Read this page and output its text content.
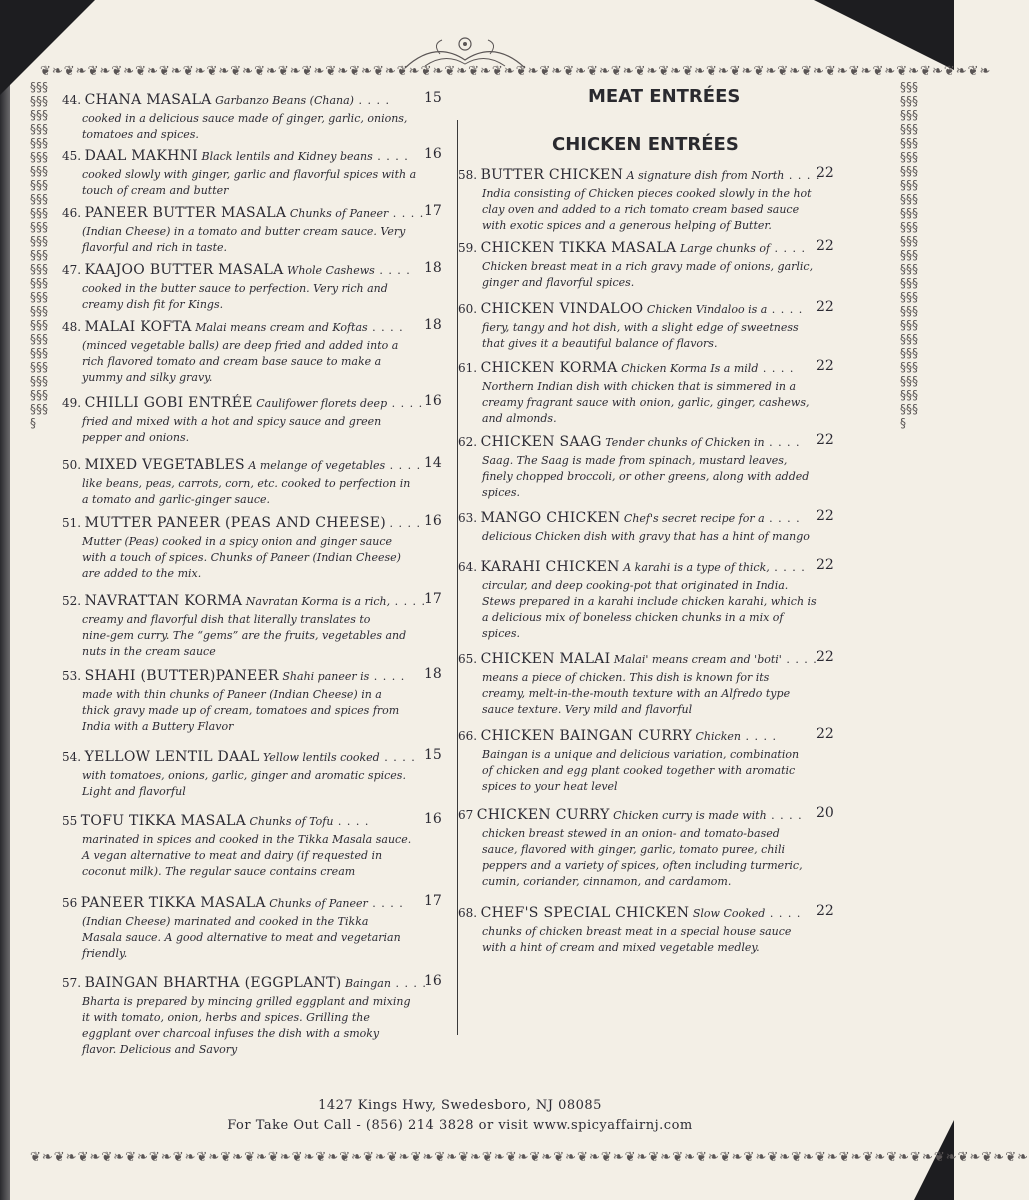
❦❧❦❧❦❧❦❧❦❧❦❧❦❧❦❧❦❧❦❧❦❧❦❧❦❧❦❧❦❧❦❧❦❧❦❧❦❧❦❧❦❧❦❧❦❧❦❧❦❧❦❧❦❧❦❧❦❧❦❧❦❧❦❧❦❧❦❧❦❧❦❧❦❧❦❧❦❧❦❧
❦❧❦❧❦❧❦❧❦❧❦❧❦❧❦❧❦❧❦❧❦❧❦❧❦❧❦❧❦❧❦❧❦❧❦❧❦❧❦❧❦❧❦❧❦❧❦❧❦❧❦❧❦❧❦❧❦❧❦❧❦❧❦❧❦❧❦❧❦❧❦❧❦❧❦❧❦❧❦❧❦❧❦❧
§§§§§§§§§§§§§§§§§§§§§§§§§§§§§§§§§§§§§§§§§§§§§§§§§§§§§§§§§§§§§§§§§§§§§§§§§
§§§§§§§§§§§§§§§§§§§§§§§§§§§§§§§§§§§§§§§§§§§§§§§§§§§§§§§§§§§§§§§§§§§§§§§§§
MEAT ENTRÉES
CHICKEN ENTRÉES
44. CHANA MASALA Garbanzo Beans (Chana) . . . . 15
cooked in a delicious sauce made of ginger, garlic, onions,
tomatoes and spices.
45. DAAL MAKHNI Black lentils and Kidney beans . . . . 16
cooked slowly with ginger, garlic and flavorful spices with a
touch of cream and butter
46. PANEER BUTTER MASALA Chunks of Paneer . . . . 17
(Indian Cheese) in a tomato and butter cream sauce. Very
flavorful and rich in taste.
47. KAAJOO BUTTER MASALA Whole Cashews . . . . 18
cooked in the butter sauce to perfection. Very rich and
creamy dish fit for Kings.
48. MALAI KOFTA Malai means cream and Koftas . . . . 18
(minced vegetable balls) are deep fried and added into a
rich flavored tomato and cream base sauce to make a
yummy and silky gravy.
49. CHILLI GOBI ENTRÉE Caulifower florets deep . . . . 16
fried and mixed with a hot and spicy sauce and green
pepper and onions.
50. MIXED VEGETABLES A melange of vegetables . . . . 14
like beans, peas, carrots, corn, etc. cooked to perfection in
a tomato and garlic-ginger sauce.
51. MUTTER PANEER (PEAS AND CHEESE) . . . . 16
Mutter (Peas) cooked in a spicy onion and ginger sauce
with a touch of spices. Chunks of Paneer (Indian Cheese)
are added to the mix.
52. NAVRATTAN KORMA Navratan Korma is a rich, . . . .
17
creamy and flavorful dish that literally translates to
nine-gem curry. The “gems” are the fruits, vegetables and
nuts in the cream sauce
53. SHAHI (BUTTER)PANEER Shahi paneer is . . . . 18
made with thin chunks of Paneer (Indian Cheese) in a
thick gravy made up of cream, tomatoes and spices from
India with a Buttery Flavor
54. YELLOW LENTIL DAAL Yellow lentils cooked . . . . 15
with tomatoes, onions, garlic, ginger and aromatic spices.
Light and flavorful
55 TOFU TIKKA MASALA Chunks of Tofu . . . .	16
marinated in spices and cooked in the Tikka Masala sauce.
A vegan alternative to meat and dairy (if requested in
coconut milk). The regular sauce contains cream
56 PANEER TIKKA MASALA Chunks of Paneer . . . . 17
(Indian Cheese) marinated and cooked in the Tikka
Masala sauce. A good alternative to meat and vegetarian
friendly.
57. BAINGAN BHARTHA (EGGPLANT) Baingan . . . .
16
Bharta is prepared by mincing grilled eggplant and mixing
it with tomato, onion, herbs and spices. Grilling the
eggplant over charcoal infuses the dish with a smoky
flavor. Delicious and Savory
58. BUTTER CHICKEN A signature dish from North . . . .
22
India consisting of Chicken pieces cooked slowly in the hot
clay oven and added to a rich tomato cream based sauce
with exotic spices and a generous helping of Butter.
59. CHICKEN TIKKA MASALA Large chunks of . . . . 22
Chicken breast meat in a rich gravy made of onions, garlic,
ginger and flavorful spices.
60. CHICKEN VINDALOO Chicken Vindaloo is a . . . . 22
fiery, tangy and hot dish, with a slight edge of sweetness
that gives it a beautiful balance of flavors.
61. CHICKEN KORMA Chicken Korma Is a mild . . . . 22
Northern Indian dish with chicken that is simmered in a
creamy fragrant sauce with onion, garlic, ginger, cashews,
and almonds.
62. CHICKEN SAAG Tender chunks of Chicken in . . . . 22
Saag. The Saag is made from spinach, mustard leaves,
finely chopped broccoli, or other greens, along with added
spices.
63. MANGO CHICKEN Chef's secret recipe for a . . . . 22
delicious Chicken dish with gravy that has a hint of mango
64. KARAHI CHICKEN A karahi is a type of thick, . . . . 22
circular, and deep cooking-pot that originated in India.
Stews prepared in a karahi include chicken karahi, which is
a delicious mix of boneless chicken chunks in a mix of
spices.
65. CHICKEN MALAI Malai' means cream and 'boti' . . . .
22
means a piece of chicken. This dish is known for its
creamy, melt-in-the-mouth texture with an Alfredo type
sauce texture. Very mild and flavorful
66. CHICKEN BAINGAN CURRY Chicken . . . .	22
Baingan is a unique and delicious variation, combination
of chicken and egg plant cooked together with aromatic
spices to your heat level
67 CHICKEN CURRY Chicken curry is made with . . . . 20
chicken breast stewed in an onion- and tomato-based
sauce, flavored with ginger, garlic, tomato puree, chili
peppers and a variety of spices, often including turmeric,
cumin, coriander, cinnamon, and cardamom.
68. CHEF'S SPECIAL CHICKEN Slow Cooked . . . . 22
chunks of chicken breast meat in a special house sauce
with a hint of cream and mixed vegetable medley.
1427 Kings Hwy, Swedesboro, NJ 08085
For Take Out Call - (856) 214 3828 or visit www.spicyaffairnj.com
